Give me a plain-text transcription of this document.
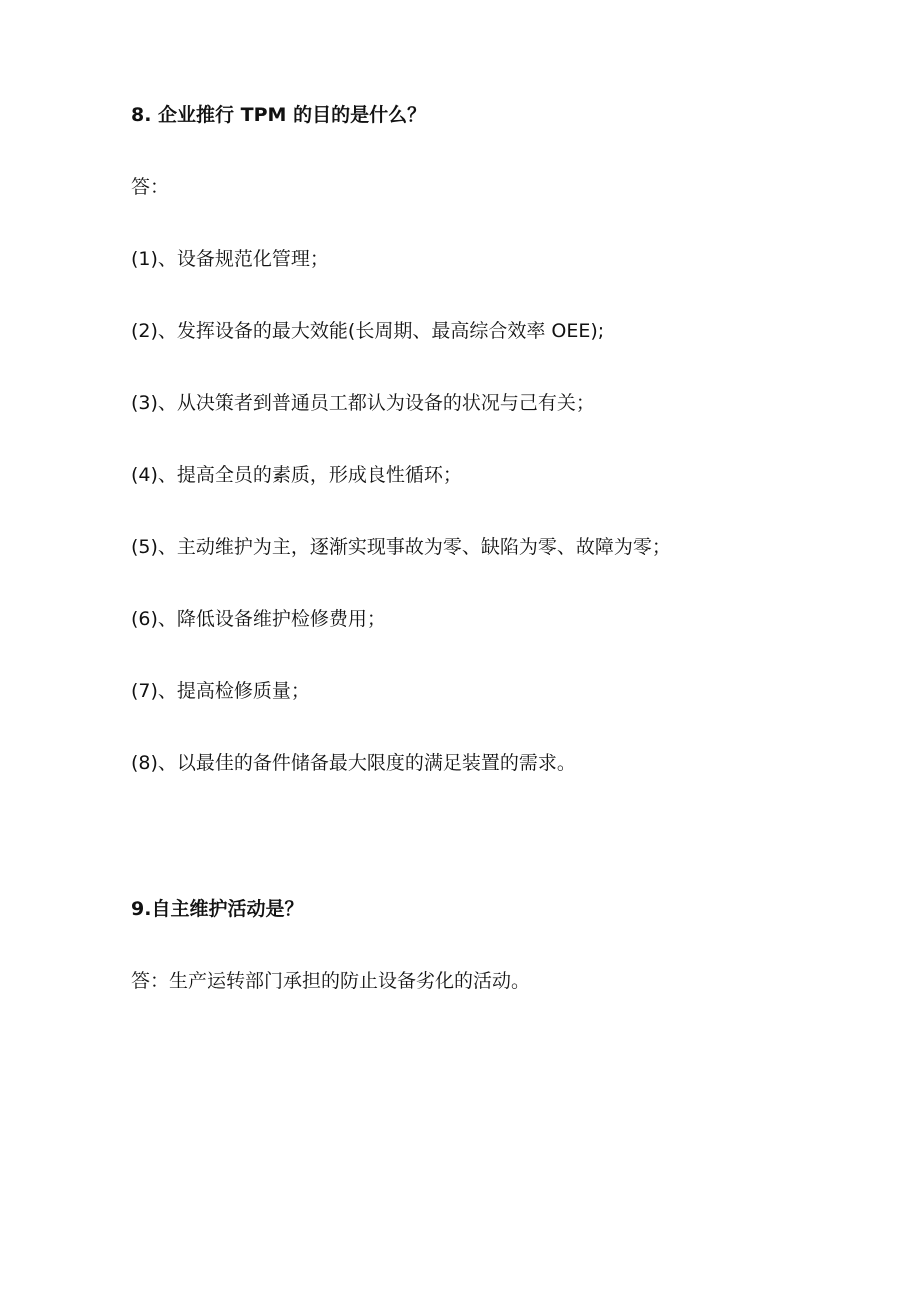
8. 企业推行 TPM 的目的是什么？
答：
(1)、设备规范化管理；
(2)、发挥设备的最大效能(长周期、最高综合效率 OEE);
(3)、从决策者到普通员工都认为设备的状况与己有关；
(4)、提高全员的素质，形成良性循环；
(5)、主动维护为主，逐渐实现事故为零、缺陷为零、故障为零；
(6)、降低设备维护检修费用；
(7)、提高检修质量；
(8)、以最佳的备件储备最大限度的满足装置的需求。
9.自主维护活动是？
答：生产运转部门承担的防止设备劣化的活动。
